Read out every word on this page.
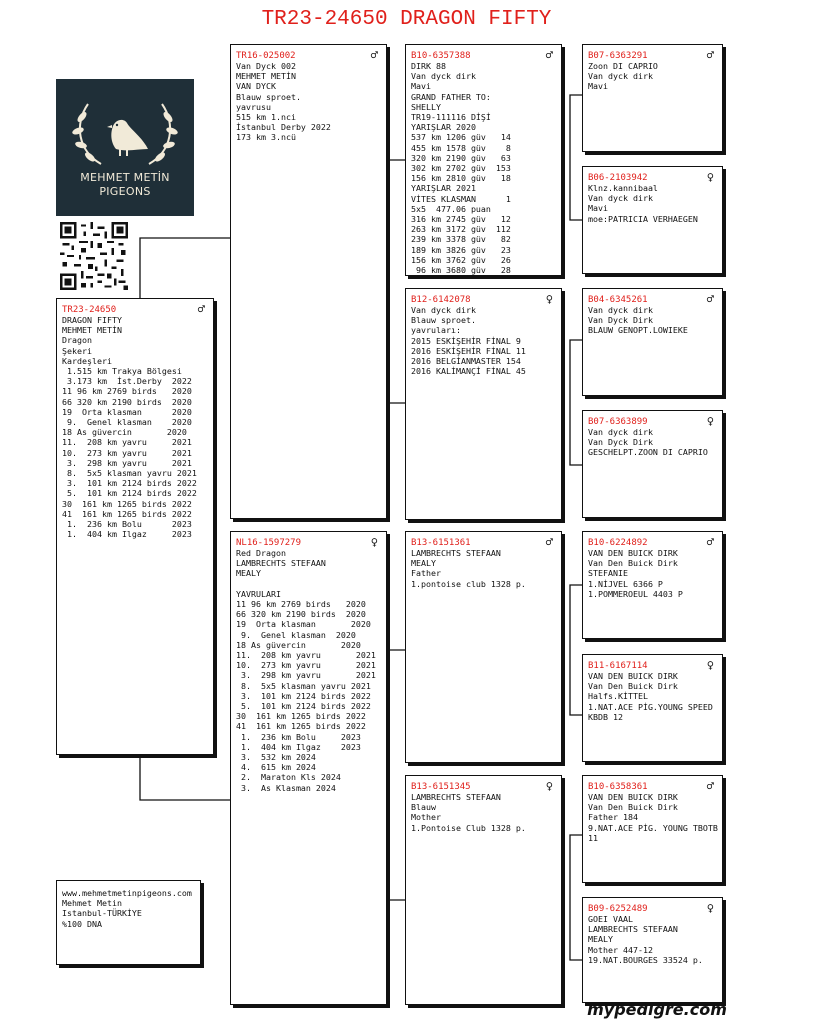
TR23-24650 DRAGON FIFTY
MEHMET METİN
PIGEONS
TR23-24650	♂
DRAGON FIFTY
MEHMET METİN
Dragon
Şekeri
Kardeşleri
1.515 km Trakya Bölgesi
3.173 km  İst.Derby  2022
11 96 km 2769 birds   2020
66 320 km 2190 birds  2020
19  Orta klasman      2020
9.  Genel klasman    2020
18 As güvercin       2020
11.  208 km yavru     2021
10.  273 km yavru     2021
3.  298 km yavru     2021
8.  5x5 klasman yavru 2021
3.  101 km 2124 birds 2022
5.  101 km 2124 birds 2022
30  161 km 1265 birds 2022
41  161 km 1265 birds 2022
1.  236 km Bolu      2023
1.  404 km Ilgaz     2023
TR16-025002	♂
Van Dyck 002
MEHMET METİN
VAN DYCK
Blauw sproet.
yavrusu
515 km 1.nci
İstanbul Derby 2022
173 km 3.ncü
NL16-1597279	♀
Red Dragon
LAMBRECHTS STEFAAN
MEALY

YAVRULARI
11 96 km 2769 birds   2020
66 320 km 2190 birds  2020
19  Orta klasman       2020
9.  Genel klasman  2020
18 As güvercin       2020
11.  208 km yavru       2021
10.  273 km yavru       2021
3.  298 km yavru       2021
8.  5x5 klasman yavru 2021
3.  101 km 2124 birds 2022
5.  101 km 2124 birds 2022
30  161 km 1265 birds 2022
41  161 km 1265 birds 2022
1.  236 km Bolu     2023
1.  404 km Ilgaz    2023
3.  532 km 2024
4.  615 km 2024
2.  Maraton Kls 2024
3.  As Klasman 2024
B10-6357388	♂
DIRK 88
Van dyck dirk
Mavi
GRAND FATHER TO:
SHELLY
TR19-111116 DİŞİ
YARIŞLAR 2020
537 km 1206 güv   14
455 km 1578 güv    8
320 km 2190 güv   63
302 km 2702 güv  153
156 km 2810 güv   18
YARIŞLAR 2021
VİTES KLASMAN      1
5x5  477.06 puan
316 km 2745 güv   12
263 km 3172 güv  112
239 km 3378 güv   82
189 km 3826 güv   23
156 km 3762 güv   26
96 km 3680 güv   28
B12-6142078	♀
Van dyck dirk
Blauw sproet.
yavruları:
2015 ESKİŞEHİR FİNAL 9
2016 ESKİŞEHİR FİNAL 11
2016 BELGİANMASTER 154
2016 KALİMANÇİ FİNAL 45
B13-6151361	♂
LAMBRECHTS STEFAAN
MEALY
Father
1.pontoise club 1328 p.
B13-6151345	♀
LAMBRECHTS STEFAAN
Blauw
Mother
1.Pontoise Club 1328 p.
B07-6363291	♂
Zoon DI CAPRIO
Van dyck dirk
Mavi
B06-2103942	♀
Klnz.kannibaal
Van dyck dirk
Mavi
moe:PATRICIA VERHAEGEN
B04-6345261	♂
Van dyck dirk
Van Dyck Dirk
BLAUW GENOPT.LOWIEKE
B07-6363899	♀
Van dyck dirk
Van Dyck Dirk
GESCHELPT.ZOON DI CAPRIO
B10-6224892	♂
VAN DEN BUICK DIRK
Van Den Buick Dirk
STEFANIE
1.NİJVEL 6366 P
1.POMMEROEUL 4403 P
B11-6167114	♀
VAN DEN BUICK DIRK
Van Den Buick Dirk
Halfs.KİTTEL
1.NAT.ACE PİG.YOUNG SPEED
KBDB 12
B10-6358361	♂
VAN DEN BUICK DIRK
Van Den Buick Dirk
Father 184
9.NAT.ACE PİG. YOUNG TBOTB
11
B09-6252489	♀
GOEI VAAL
LAMBRECHTS STEFAAN
MEALY
Mother 447-12
19.NAT.BOURGES 33524 p.
www.mehmetmetinpigeons.com
Mehmet Metin
Istanbul-TÜRKİYE
%100 DNA
mypedigre.com
